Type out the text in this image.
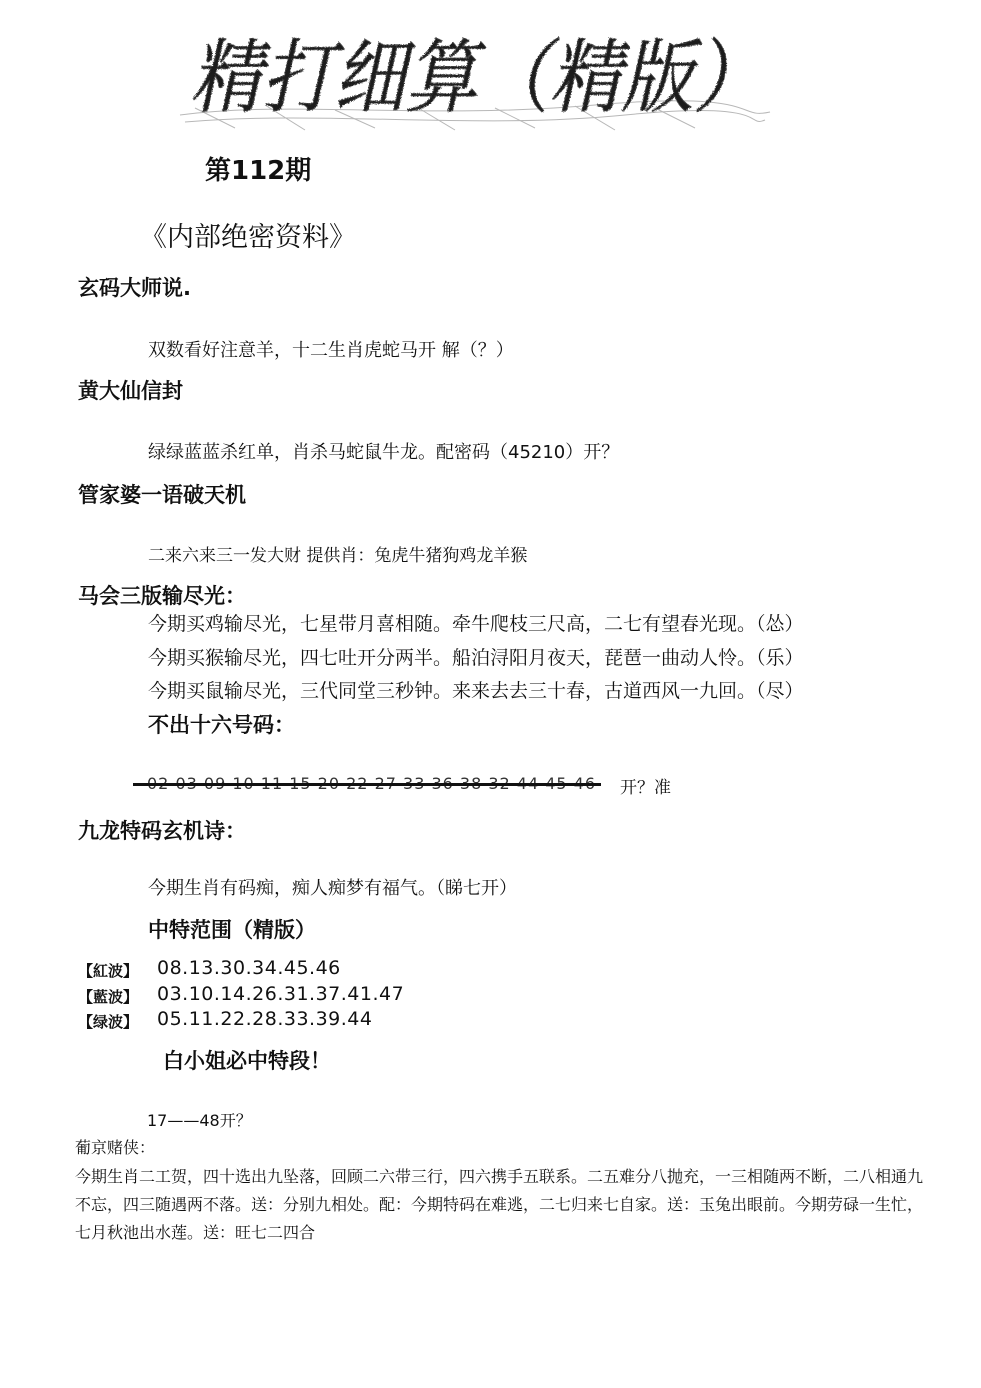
精打细算（精版）
第112期
《内部绝密资料》
玄码大师说.
双数看好注意羊，十二生肖虎蛇马开 解（？）
黄大仙信封
绿绿蓝蓝杀红单，肖杀马蛇鼠牛龙。配密码（45210）开？
管家婆一语破天机
二来六来三一发大财 提供肖：兔虎牛猪狗鸡龙羊猴
马会三版输尽光：
今期买鸡输尽光，七星带月喜相随。牵牛爬枝三尺高，二七有望春光现。（怂）
今期买猴输尽光，四七吐开分两半。船泊浔阳月夜天，琵琶一曲动人怜。（乐）
今期买鼠输尽光，三代同堂三秒钟。来来去去三十春，古道西风一九回。（尽）
不出十六号码：
开？准
九龙特码玄机诗：
今期生肖有码痴，痴人痴梦有福气。（睇七开）
中特范围（精版）
【紅波】 08.13.30.34.45.46
【藍波】 03.10.14.26.31.37.41.47
【绿波】 05.11.22.28.33.39.44
白小姐必中特段！
17——48开？
葡京赌侠：
今期生肖二工贺，四十选出九坠落，回顾二六带三行，四六携手五联系。二五难分八抛充，一三相随两不断，二八相通九不忘，四三随遇两不落。送：分别九相处。配：今期特码在难逃，二七归来七自家。送：玉兔出眼前。今期劳碌一生忙，七月秋池出水莲。送：旺七二四合
